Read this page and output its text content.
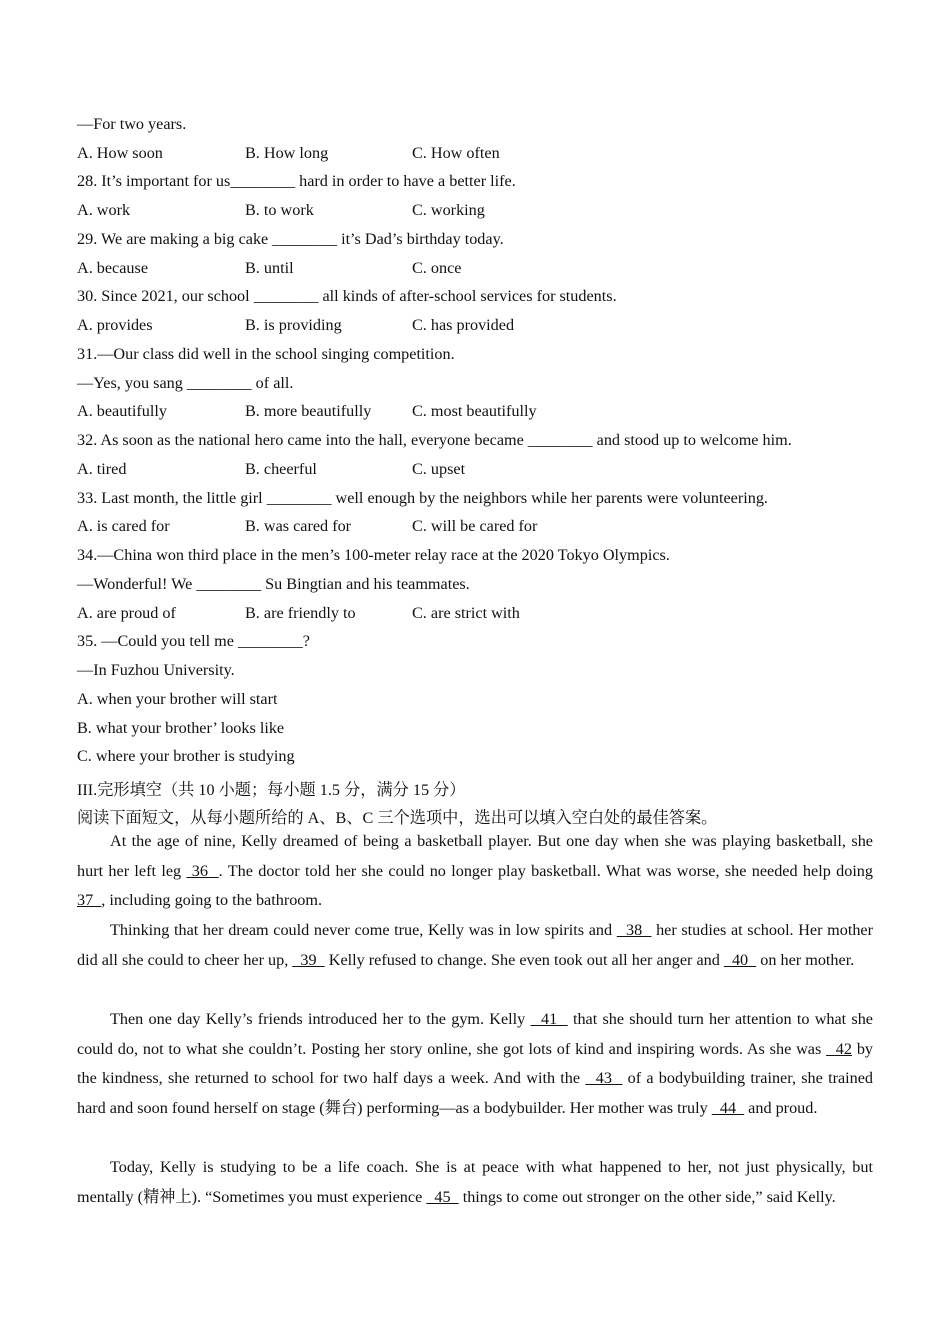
—For two years.
A. How soon	B. How long	C. How often
28. It’s important for us________ hard in order to have a better life.
A. work	B. to work	C. working
29. We are making a big cake ________ it’s Dad’s birthday today.
A. because	B. until	C. once
30. Since 2021, our school ________ all kinds of after-school services for students.
A. provides	B. is providing	C. has provided
31.—Our class did well in the school singing competition.
—Yes, you sang ________ of all.
A. beautifully	B. more beautifully	C. most beautifully
32. As soon as the national hero came into the hall, everyone became ________ and stood up to welcome him.
A. tired	B. cheerful	C. upset
33. Last month, the little girl ________ well enough by the neighbors while her parents were volunteering.
A. is cared for	B. was cared for	C. will be cared for
34.—China won third place in the men’s 100-meter relay race at the 2020 Tokyo Olympics.
—Wonderful! We ________ Su Bingtian and his teammates.
A. are proud of	B. are friendly to	C. are strict with
35. —Could you tell me ________?
—In Fuzhou University.
A. when your brother will start
B. what your brother’ looks like
C. where your brother is studying
III.完形填空（共 10 小题；每小题 1.5 分，满分 15 分）
阅读下面短文，从每小题所给的 A、B、C 三个选项中，选出可以填入空白处的最佳答案。
At the age of nine, Kelly dreamed of being a basketball player. But one day when she was playing basketball, she hurt her left leg  36  . The doctor told her she could no longer play basketball. What was worse, she needed help doing 37  , including going to the bathroom.
Thinking that her dream could never come true, Kelly was in low spirits and   38   her studies at school. Her mother did all she could to cheer her up,   39   Kelly refused to change. She even took out all her anger and   40   on her mother.
Then one day Kelly’s friends introduced her to the gym. Kelly   41   that she should turn her attention to what she could do, not to what she couldn’t. Posting her story online, she got lots of kind and inspiring words. As she was   42 by the kindness, she returned to school for two half days a week. And with the   43   of a bodybuilding trainer, she trained hard and soon found herself on stage (舞台) performing—as a bodybuilder. Her mother was truly   44   and proud.
Today, Kelly is studying to be a life coach. She is at peace with what happened to her, not just physically, but mentally (精神上). “Sometimes you must experience   45   things to come out stronger on the other side,” said Kelly.
